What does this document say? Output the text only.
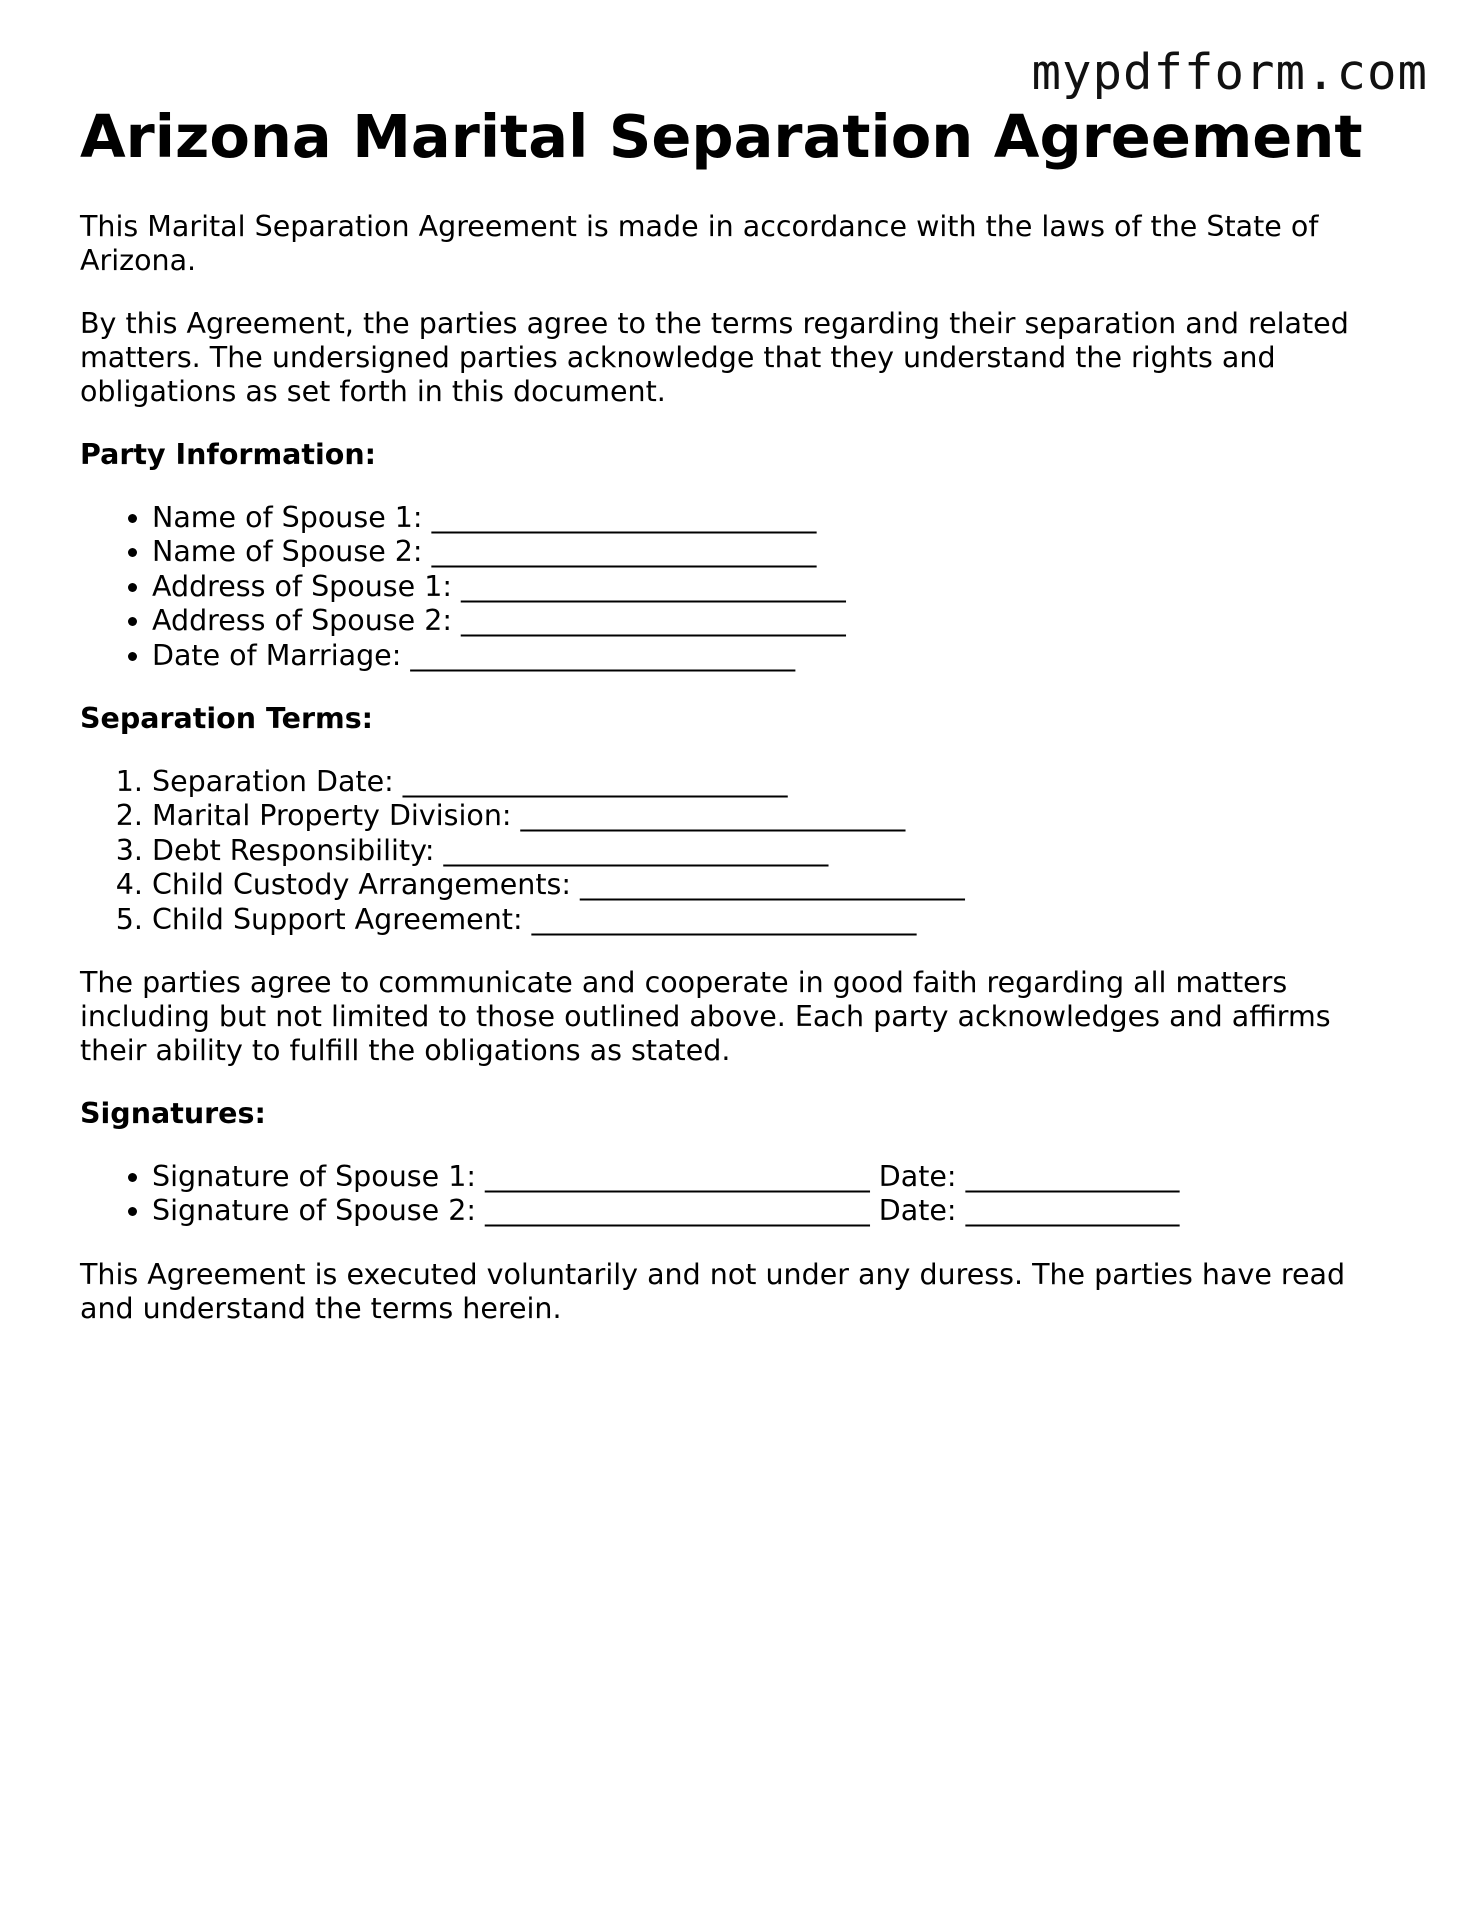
mypdfform.com
Arizona Marital Separation Agreement

This Marital Separation Agreement is made in accordance with the laws of the State of Arizona.

By this Agreement, the parties agree to the terms regarding their separation and related matters. The undersigned parties acknowledge that they understand the rights and obligations as set forth in this document.

Party Information:
• Name of Spouse 1: ___________________________
• Name of Spouse 2: ___________________________
• Address of Spouse 1: ___________________________
• Address of Spouse 2: ___________________________
• Date of Marriage: ___________________________
Separation Terms:
1. Separation Date: ___________________________
2. Marital Property Division: ___________________________
3. Debt Responsibility: ___________________________
4. Child Custody Arrangements: ___________________________
5. Child Support Agreement: ___________________________

The parties agree to communicate and cooperate in good faith regarding all matters including but not limited to those outlined above. Each party acknowledges and affirms their ability to fulfill the obligations as stated.

Signatures:
• Signature of Spouse 1: ___________________________ Date: _______________
• Signature of Spouse 2: ___________________________ Date: _______________

This Agreement is executed voluntarily and not under any duress. The parties have read and understand the terms herein.
